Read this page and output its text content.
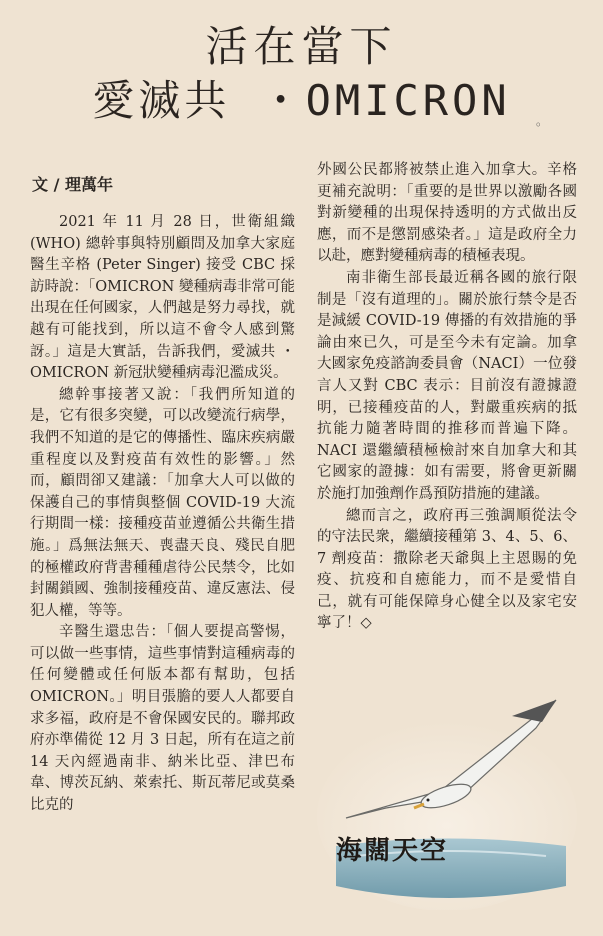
活在當下
愛滅共 ・OMICRON	。
文 / 理萬年

2021 年 11 月 28 日，世衛組織 (WHO) 總幹事與特別顧問及加拿大家庭醫生辛格 (Peter Singer) 接受 CBC 採訪時說：「OMICRON 變種病毒非常可能出現在任何國家，人們越是努力尋找，就越有可能找到，所以這不會令人感到驚訝。」這是大實話，告訴我們，愛滅共 ・OMICRON 新冠狀變種病毒氾濫成災。

總幹事接著又說：「我們所知道的是，它有很多突變，可以改變流行病學，我們不知道的是它的傳播性、臨床疾病嚴重程度以及對疫苗有效性的影響。」然而，顧問卻又建議：「加拿大人可以做的保護自己的事情與整個 COVID-19 大流行期間一樣：接種疫苗並遵循公共衛生措施。」爲無法無天、喪盡天良、殘民自肥的極權政府背書種種虐待公民禁令，比如封關鎖國、強制接種疫苗、違反憲法、侵犯人權，等等。

辛醫生還忠告：「個人要提高警惕，可以做一些事情，這些事情對這種病毒的任何變體或任何版本都有幫助，包括 OMICRON。」明目張膽的要人人都要自求多福，政府是不會保國安民的。聯邦政府亦準備從 12 月 3 日起，所有在這之前 14 天內經過南非、納米比亞、津巴布韋、博茨瓦納、萊索托、斯瓦蒂尼或莫桑比克的

外國公民都將被禁止進入加拿大。辛格更補充說明：「重要的是世界以激勵各國對新變種的出現保持透明的方式做出反應，而不是懲罰感染者。」這是政府全力以赴，應對變種病毒的積極表現。

南非衛生部長最近稱各國的旅行限制是「沒有道理的」。關於旅行禁令是否是減緩 COVID-19 傳播的有效措施的爭論由來已久，可是至今未有定論。加拿大國家免疫諮詢委員會（NACI）一位發言人又對 CBC 表示：目前沒有證據證明，已接種疫苗的人，對嚴重疾病的抵抗能力隨著時間的推移而普遍下降。NACI 還繼續積極檢討來自加拿大和其它國家的證據：如有需要，將會更新關於施打加強劑作爲預防措施的建議。

總而言之，政府再三強調順從法令的守法民衆，繼續接種第 3、4、5、6、7 劑疫苗：撒除老天爺與上主恩賜的免疫、抗疫和自癒能力，而不是愛惜自己，就有可能保障身心健全以及家宅安寧了！◇

海闊天空
